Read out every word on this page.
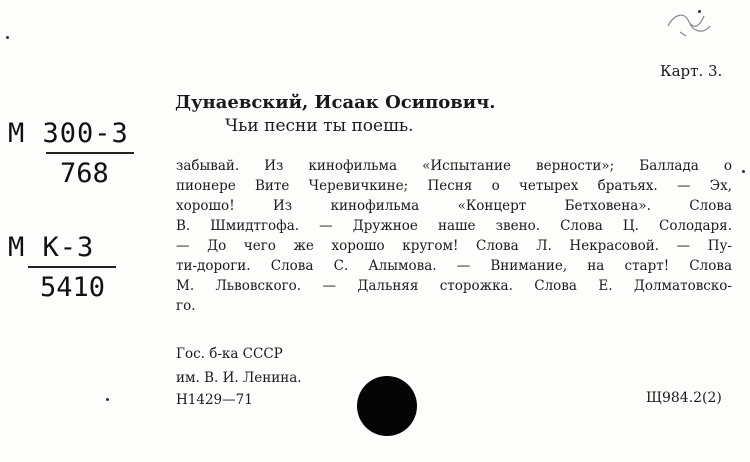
Карт. 3.
М 300-3
768
М К-3
5410
Дунаевский, Исаак Осипович.
Чьи песни ты поешь.
забывай. Из кинофильма «Испытание верности»; Баллада о
пионере Вите Черевичкине; Песня о четырех братьях. — Эх,
хорошо! Из кинофильма «Концерт Бетховена». Слова
В. Шмидтгофа. — Дружное наше звено. Слова Ц. Солодаря.
— До чего же хорошо кругом! Слова Л. Некрасовой. — Пу-
ти-дороги. Слова С. Алымова. — Внимание, на старт! Слова
М. Львовского. — Дальняя сторожка. Слова Е. Долматовско-
го.
Гос. б-ка СССР
им. В. И. Ленина.
Н1429—71	Щ984.2(2)
